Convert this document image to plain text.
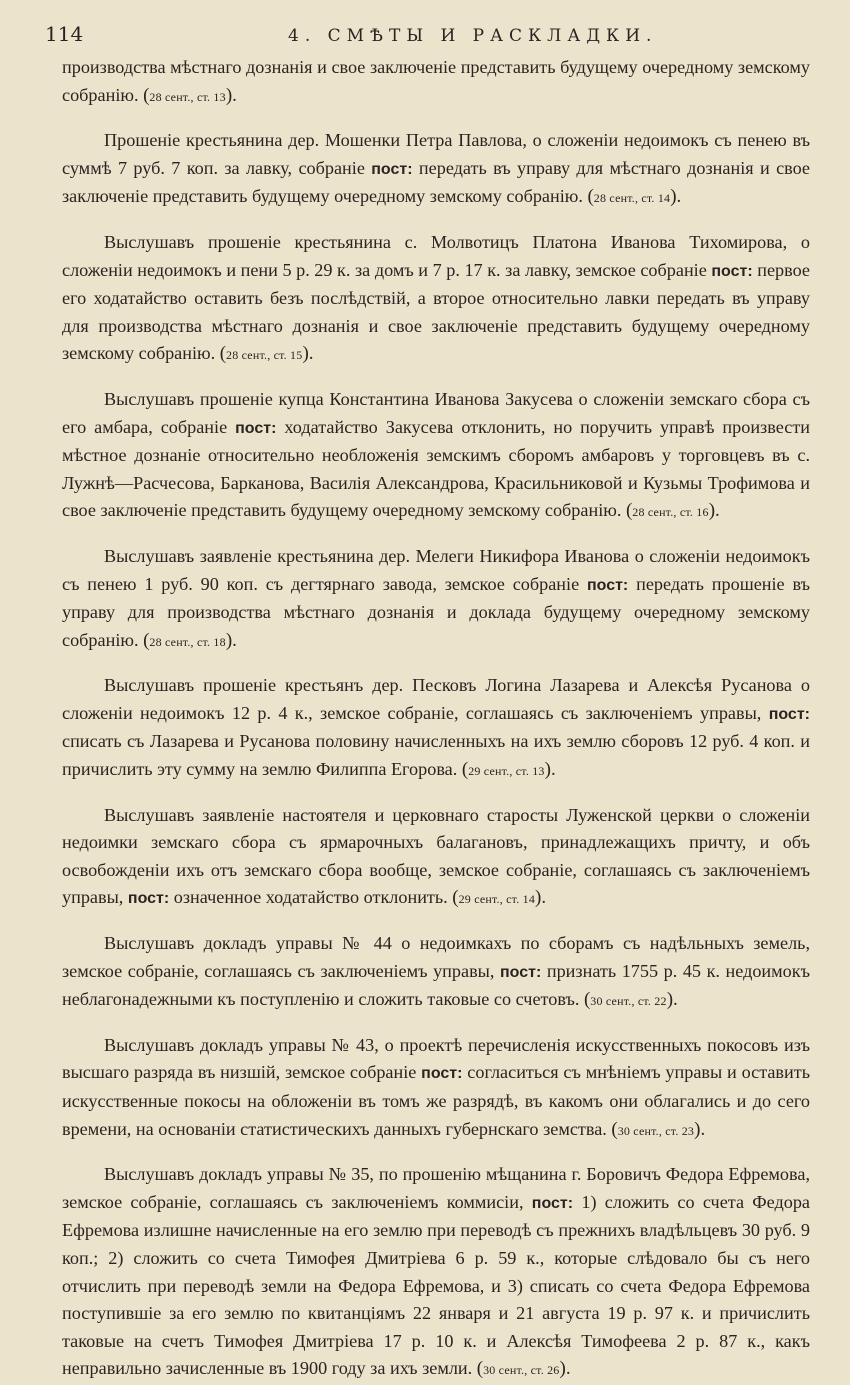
114	4. СМѢТЫ И РАСКЛАДКИ.

производства мѣстнаго дознанія и свое заключеніе представить будущему очередному земскому собранію. (28 сент., ст. 13).

Прошеніе крестьянина дер. Мошенки Петра Павлова, о сложеніи недоимокъ съ пенею въ суммѣ 7 руб. 7 коп. за лавку, собраніе пост: передать въ управу для мѣстнаго дознанія и свое заключеніе представить будущему очередному земскому собранію. (28 сент., ст. 14).

Выслушавъ прошеніе крестьянина с. Молвотицъ Платона Иванова Тихомирова, о сложеніи недоимокъ и пени 5 р. 29 к. за домъ и 7 р. 17 к. за лавку, земское собраніе пост: первое его ходатайство оставить безъ послѣдствій, а второе относительно лавки передать въ управу для производства мѣстнаго дознанія и свое заключеніе представить будущему очередному земскому собранію. (28 сент., ст. 15).

Выслушавъ прошеніе купца Константина Иванова Закусева о сложеніи земскаго сбора съ его амбара, собраніе пост: ходатайство Закусева отклонить, но поручить управѣ произвести мѣстное дознаніе относительно необложенія земскимъ сборомъ амбаровъ у торговцевъ въ с. Лужнѣ—Расчесова, Барканова, Василія Александрова, Красильниковой и Кузьмы Трофимова и свое заключеніе представить будущему очередному земскому собранію. (28 сент., ст. 16).

Выслушавъ заявленіе крестьянина дер. Мелеги Никифора Иванова о сложеніи недоимокъ съ пенею 1 руб. 90 коп. съ дегтярнаго завода, земское собраніе пост: передать прошеніе въ управу для производства мѣстнаго дознанія и доклада будущему очередному земскому собранію. (28 сент., ст. 18).

Выслушавъ прошеніе крестьянъ дер. Песковъ Логина Лазарева и Алексѣя Русанова о сложеніи недоимокъ 12 р. 4 к., земское собраніе, соглашаясь съ заключеніемъ управы, пост: списать съ Лазарева и Русанова половину начисленныхъ на ихъ землю сборовъ 12 руб. 4 коп. и причислить эту сумму на землю Филиппа Егорова. (29 сент., ст. 13).

Выслушавъ заявленіе настоятеля и церковнаго старосты Луженской церкви о сложеніи недоимки земскаго сбора съ ярмарочныхъ балагановъ, принадлежащихъ причту, и объ освобожденіи ихъ отъ земскаго сбора вообще, земское собраніе, соглашаясь съ заключеніемъ управы, пост: означенное ходатайство отклонить. (29 сент., ст. 14).

Выслушавъ докладъ управы № 44 о недоимкахъ по сборамъ съ надѣльныхъ земель, земское собраніе, соглашаясь съ заключеніемъ управы, пост: признать 1755 р. 45 к. недоимокъ неблагонадежными къ поступленію и сложить таковые со счетовъ. (30 сент., ст. 22).

Выслушавъ докладъ управы № 43, о проектѣ перечисленія искусственныхъ покосовъ изъ высшаго разряда въ низшій, земское собраніе пост: согласиться съ мнѣніемъ управы и оставить искусственные покосы на обложеніи въ томъ же разрядѣ, въ какомъ они облагались и до сего времени, на основаніи статистическихъ данныхъ губернскаго земства. (30 сент., ст. 23).

Выслушавъ докладъ управы № 35, по прошенію мѣщанина г. Боровичъ Федора Ефремова, земское собраніе, соглашаясь съ заключеніемъ коммисіи, пост: 1) сложить со счета Федора Ефремова излишне начисленные на его землю при переводѣ съ прежнихъ владѣльцевъ 30 руб. 9 коп.; 2) сложить со счета Тимофея Дмитріева 6 р. 59 к., которые слѣдовало бы съ него отчислить при переводѣ земли на Федора Ефремова, и 3) списать со счета Федора Ефремова поступившіе за его землю по квитанціямъ 22 января и 21 августа 19 р. 97 к. и причислить таковые на счетъ Тимофея Дмитріева 17 р. 10 к. и Алексѣя Тимофеева 2 р. 87 к., какъ неправильно зачисленные въ 1900 году за ихъ земли. (30 сент., ст. 26).
